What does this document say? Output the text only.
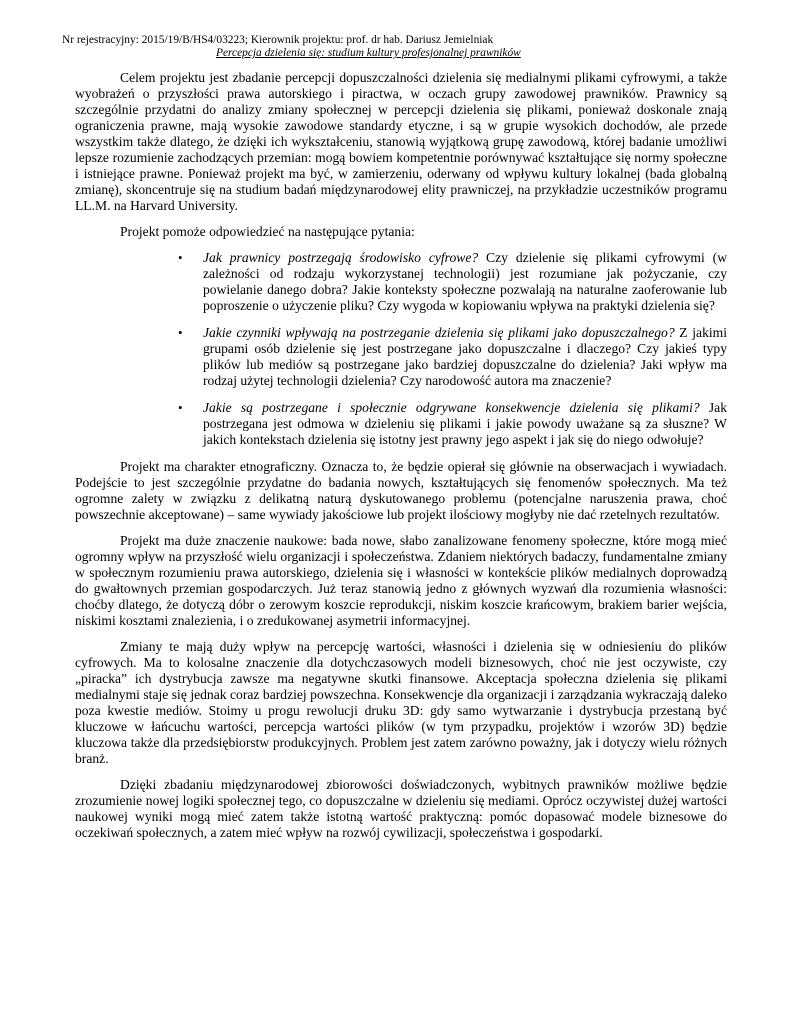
Nr rejestracyjny: 2015/19/B/HS4/03223; Kierownik projektu: prof. dr hab. Dariusz Jemielniak
Percepcja dzielenia się: studium kultury profesjonalnej prawników

Celem projektu jest zbadanie percepcji dopuszczalności dzielenia się medialnymi plikami cyfrowymi, a także wyobrażeń o przyszłości prawa autorskiego i piractwa, w oczach grupy zawodowej prawników. Prawnicy są szczególnie przydatni do analizy zmiany społecznej w percepcji dzielenia się plikami, ponieważ doskonale znają ograniczenia prawne, mają wysokie zawodowe standardy etyczne, i są w grupie wysokich dochodów, ale przede wszystkim także dlatego, że dzięki ich wykształceniu, stanowią wyjątkową grupę zawodową, której badanie umożliwi lepsze rozumienie zachodzących przemian: mogą bowiem kompetentnie porównywać kształtujące się normy społeczne i istniejące prawne. Ponieważ projekt ma być, w zamierzeniu, oderwany od wpływu kultury lokalnej (bada globalną zmianę), skoncentruje się na studium badań międzynarodowej elity prawniczej, na przykładzie uczestników programu LL.M. na Harvard University.

Projekt pomoże odpowiedzieć na następujące pytania:

• Jak prawnicy postrzegają środowisko cyfrowe? Czy dzielenie się plikami cyfrowymi (w zależności od rodzaju wykorzystanej technologii) jest rozumiane jak pożyczanie, czy powielanie danego dobra? Jakie konteksty społeczne pozwalają na naturalne zaoferowanie lub poproszenie o użyczenie pliku? Czy wygoda w kopiowaniu wpływa na praktyki dzielenia się?
• Jakie czynniki wpływają na postrzeganie dzielenia się plikami jako dopuszczalnego? Z jakimi grupami osób dzielenie się jest postrzegane jako dopuszczalne i dlaczego? Czy jakieś typy plików lub mediów są postrzegane jako bardziej dopuszczalne do dzielenia? Jaki wpływ ma rodzaj użytej technologii dzielenia? Czy narodowość autora ma znaczenie?
• Jakie są postrzegane i społecznie odgrywane konsekwencje dzielenia się plikami? Jak postrzegana jest odmowa w dzieleniu się plikami i jakie powody uważane są za słuszne? W jakich kontekstach dzielenia się istotny jest prawny jego aspekt i jak się do niego odwołuje?

Projekt ma charakter etnograficzny. Oznacza to, że będzie opierał się głównie na obserwacjach i wywiadach. Podejście to jest szczególnie przydatne do badania nowych, kształtujących się fenomenów społecznych. Ma też ogromne zalety w związku z delikatną naturą dyskutowanego problemu (potencjalne naruszenia prawa, choć powszechnie akceptowane) – same wywiady jakościowe lub projekt ilościowy mogłyby nie dać rzetelnych rezultatów.

Projekt ma duże znaczenie naukowe: bada nowe, słabo zanalizowane fenomeny społeczne, które mogą mieć ogromny wpływ na przyszłość wielu organizacji i społeczeństwa. Zdaniem niektórych badaczy, fundamentalne zmiany w społecznym rozumieniu prawa autorskiego, dzielenia się i własności w kontekście plików medialnych doprowadzą do gwałtownych przemian gospodarczych. Już teraz stanowią jedno z głównych wyzwań dla rozumienia własności: choćby dlatego, że dotyczą dóbr o zerowym koszcie reprodukcji, niskim koszcie krańcowym, brakiem barier wejścia, niskimi kosztami znalezienia, i o zredukowanej asymetrii informacyjnej.

Zmiany te mają duży wpływ na percepcję wartości, własności i dzielenia się w odniesieniu do plików cyfrowych. Ma to kolosalne znaczenie dla dotychczasowych modeli biznesowych, choć nie jest oczywiste, czy „piracka” ich dystrybucja zawsze ma negatywne skutki finansowe. Akceptacja społeczna dzielenia się plikami medialnymi staje się jednak coraz bardziej powszechna. Konsekwencje dla organizacji i zarządzania wykraczają daleko poza kwestie mediów. Stoimy u progu rewolucji druku 3D: gdy samo wytwarzanie i dystrybucja przestaną być kluczowe w łańcuchu wartości, percepcja wartości plików (w tym przypadku, projektów i wzorów 3D) będzie kluczowa także dla przedsiębiorstw produkcyjnych. Problem jest zatem zarówno poważny, jak i dotyczy wielu różnych branż.

Dzięki zbadaniu międzynarodowej zbiorowości doświadczonych, wybitnych prawników możliwe będzie zrozumienie nowej logiki społecznej tego, co dopuszczalne w dzieleniu się mediami. Oprócz oczywistej dużej wartości naukowej wyniki mogą mieć zatem także istotną wartość praktyczną: pomóc dopasować modele biznesowe do oczekiwań społecznych, a zatem mieć wpływ na rozwój cywilizacji, społeczeństwa i gospodarki.
